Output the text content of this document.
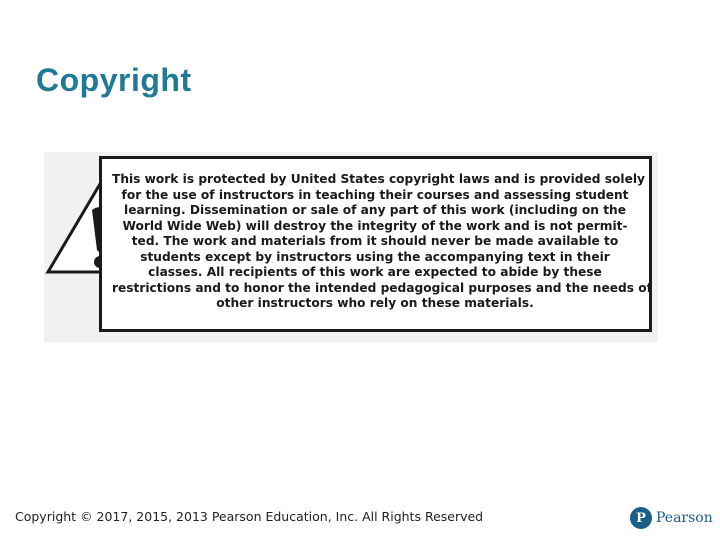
Copyright

This work is protected by United States copyright laws and is provided solely

for the use of instructors in teaching their courses and assessing student

learning. Dissemination or sale of any part of this work (including on the

World Wide Web) will destroy the integrity of the work and is not permit-

ted. The work and materials from it should never be made available to

students except by instructors using the accompanying text in their

classes. All recipients of this work are expected to abide by these

restrictions and to honor the intended pedagogical purposes and the needs of

other instructors who rely on these materials.

Copyright © 2017, 2015, 2013 Pearson Education, Inc. All Rights Reserved	P Pearson
